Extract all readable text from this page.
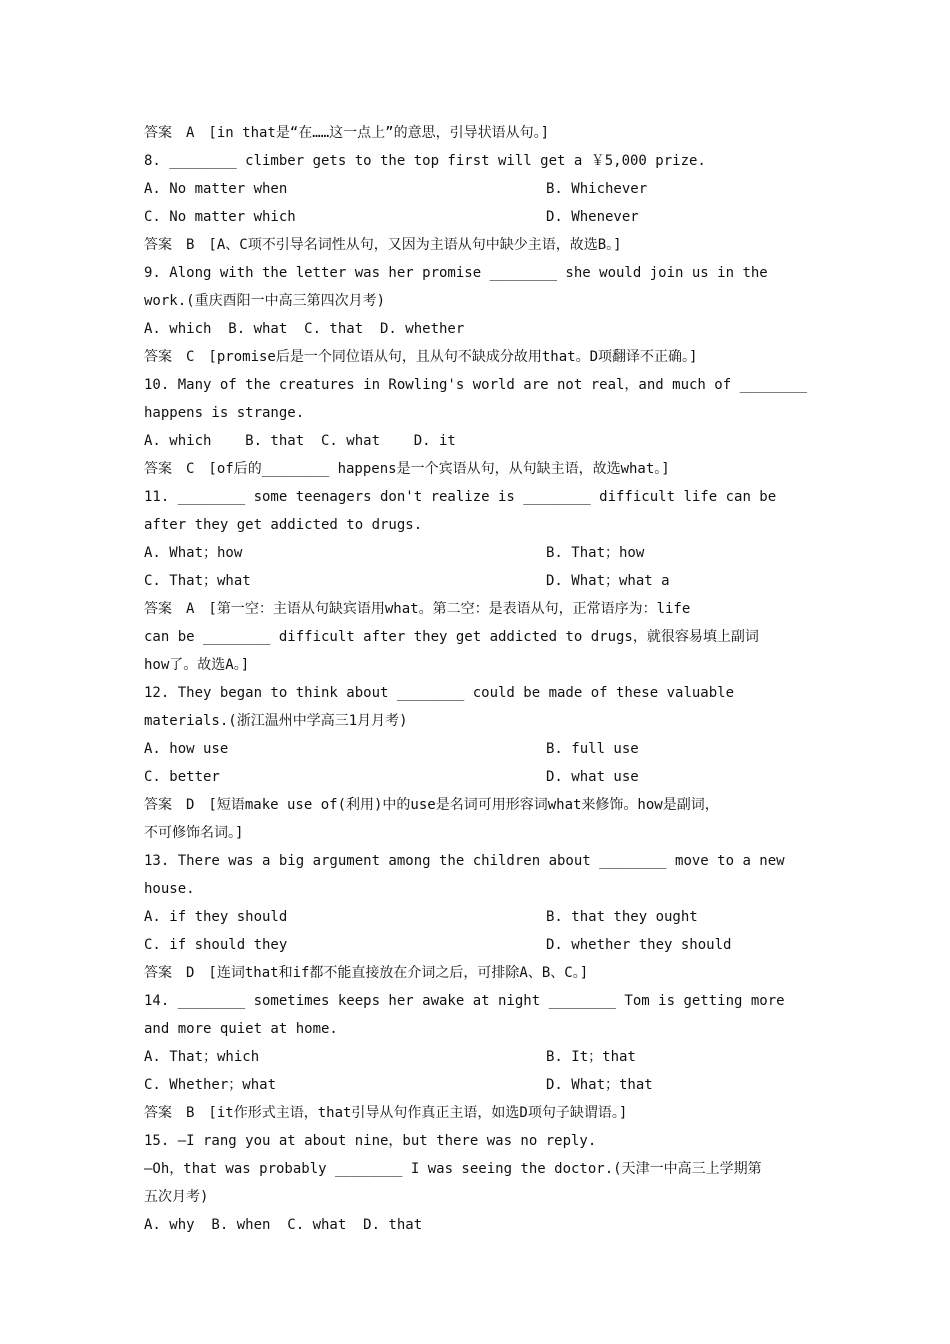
答案　A　[in that是“在……这一点上”的意思，引导状语从句。]
8. ________ climber gets to the top first will get a ￥5,000 prize.
A. No matter when	B. Whichever
C. No matter which	D. Whenever
答案　B　[A、C项不引导名词性从句，又因为主语从句中缺少主语，故选B。]
9. Along with the letter was her promise ________ she would join us in the
work.(重庆酉阳一中高三第四次月考)
A. which  B. what  C. that  D. whether
答案　C　[promise后是一个同位语从句，且从句不缺成分故用that。D项翻译不正确。]
10. Many of the creatures in Rowling's world are not real，and much of ________
happens is strange.
A. which    B. that  C. what    D. it
答案　C　[of后的________ happens是一个宾语从句，从句缺主语，故选what。]
11. ________ some teenagers don't realize is ________ difficult life can be
after they get addicted to drugs.
A. What；how	B. That；how
C. That；what	D. What；what a
答案　A　[第一空：主语从句缺宾语用what。第二空：是表语从句，正常语序为：life
can be ________ difficult after they get addicted to drugs，就很容易填上副词
how了。故选A。]
12. They began to think about ________ could be made of these valuable
materials.(浙江温州中学高三1月月考)
A. how use	B. full use
C. better	D. what use
答案　D　[短语make use of(利用)中的use是名词可用形容词what来修饰。how是副词，
不可修饰名词。]
13. There was a big argument among the children about ________ move to a new
house.
A. if they should	B. that they ought
C. if should they	D. whether they should
答案　D　[连词that和if都不能直接放在介词之后，可排除A、B、C。]
14. ________ sometimes keeps her awake at night ________ Tom is getting more
and more quiet at home.
A. That；which	B. It；that
C. Whether；what	D. What；that
答案　B　[it作形式主语，that引导从句作真正主语，如选D项句子缺谓语。]
15. —I rang you at about nine，but there was no reply.
—Oh，that was probably ________ I was seeing the doctor.(天津一中高三上学期第
五次月考)
A. why  B. when  C. what  D. that
